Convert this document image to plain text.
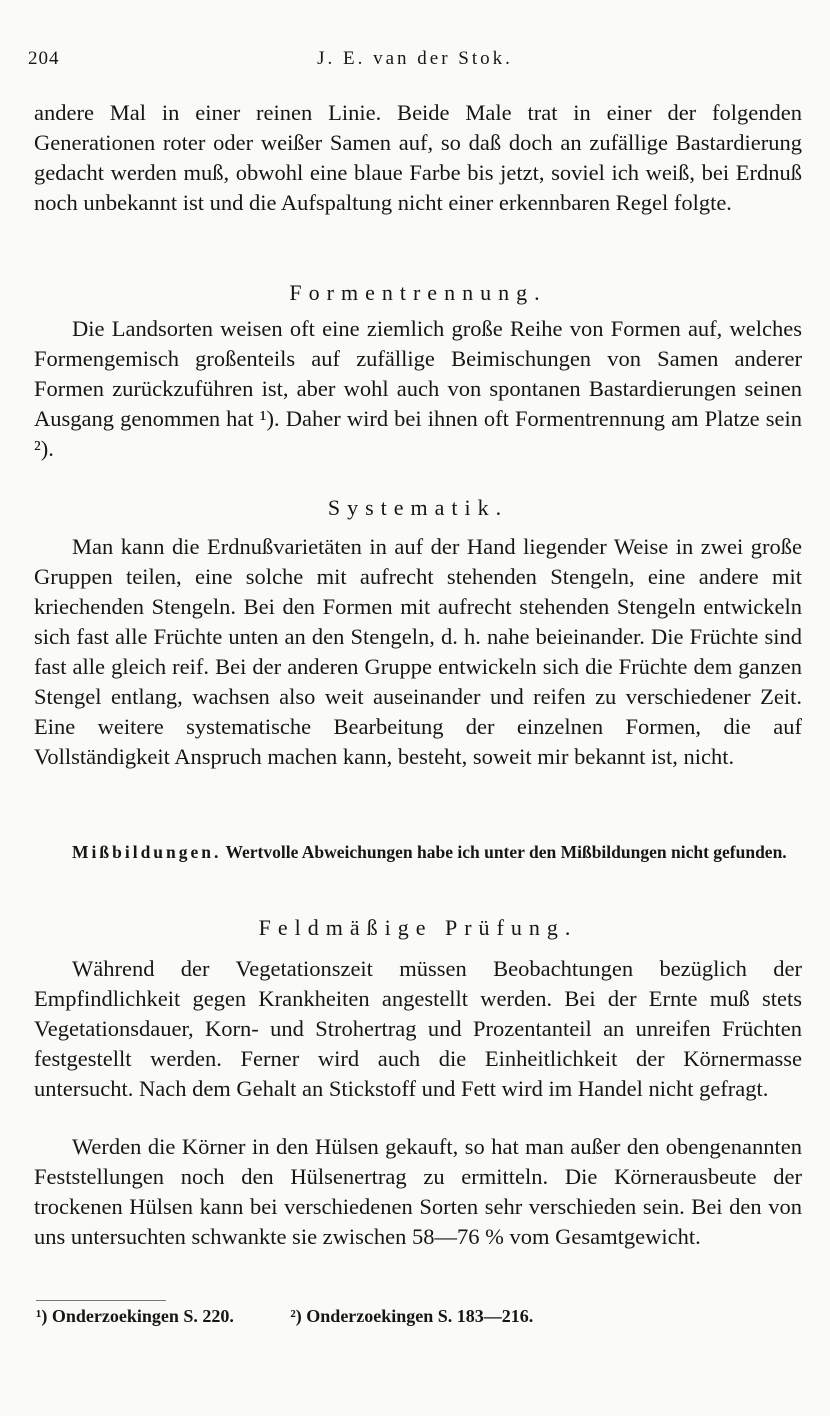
204	J. E. van der Stok.

andere Mal in einer reinen Linie. Beide Male trat in einer der folgenden Generationen roter oder weißer Samen auf, so daß doch an zufällige Bastardierung gedacht werden muß, obwohl eine blaue Farbe bis jetzt, soviel ich weiß, bei Erdnuß noch unbekannt ist und die Aufspaltung nicht einer erkennbaren Regel folgte.

Formentrennung.

Die Landsorten weisen oft eine ziemlich große Reihe von Formen auf, welches Formengemisch großenteils auf zufällige Beimischungen von Samen anderer Formen zurückzuführen ist, aber wohl auch von spontanen Bastardierungen seinen Ausgang genommen hat ¹). Daher wird bei ihnen oft Formentrennung am Platze sein ²).

Systematik.

Man kann die Erdnußvarietäten in auf der Hand liegender Weise in zwei große Gruppen teilen, eine solche mit aufrecht stehenden Stengeln, eine andere mit kriechenden Stengeln. Bei den Formen mit aufrecht stehenden Stengeln entwickeln sich fast alle Früchte unten an den Stengeln, d. h. nahe beieinander. Die Früchte sind fast alle gleich reif. Bei der anderen Gruppe entwickeln sich die Früchte dem ganzen Stengel entlang, wachsen also weit auseinander und reifen zu verschiedener Zeit. Eine weitere systematische Bearbeitung der einzelnen Formen, die auf Vollständigkeit Anspruch machen kann, besteht, soweit mir bekannt ist, nicht.

Mißbildungen. Wertvolle Abweichungen habe ich unter den Mißbildungen nicht gefunden.

Feldmäßige Prüfung.

Während der Vegetationszeit müssen Beobachtungen bezüglich der Empfindlichkeit gegen Krankheiten angestellt werden. Bei der Ernte muß stets Vegetationsdauer, Korn- und Strohertrag und Prozentanteil an unreifen Früchten festgestellt werden. Ferner wird auch die Einheitlichkeit der Körnermasse untersucht. Nach dem Gehalt an Stickstoff und Fett wird im Handel nicht gefragt.

Werden die Körner in den Hülsen gekauft, so hat man außer den obengenannten Feststellungen noch den Hülsenertrag zu ermitteln. Die Körnerausbeute der trockenen Hülsen kann bei verschiedenen Sorten sehr verschieden sein. Bei den von uns untersuchten schwankte sie zwischen 58—76 % vom Gesamtgewicht.

¹) Onderzoekingen S. 220.	²) Onderzoekingen S. 183—216.
